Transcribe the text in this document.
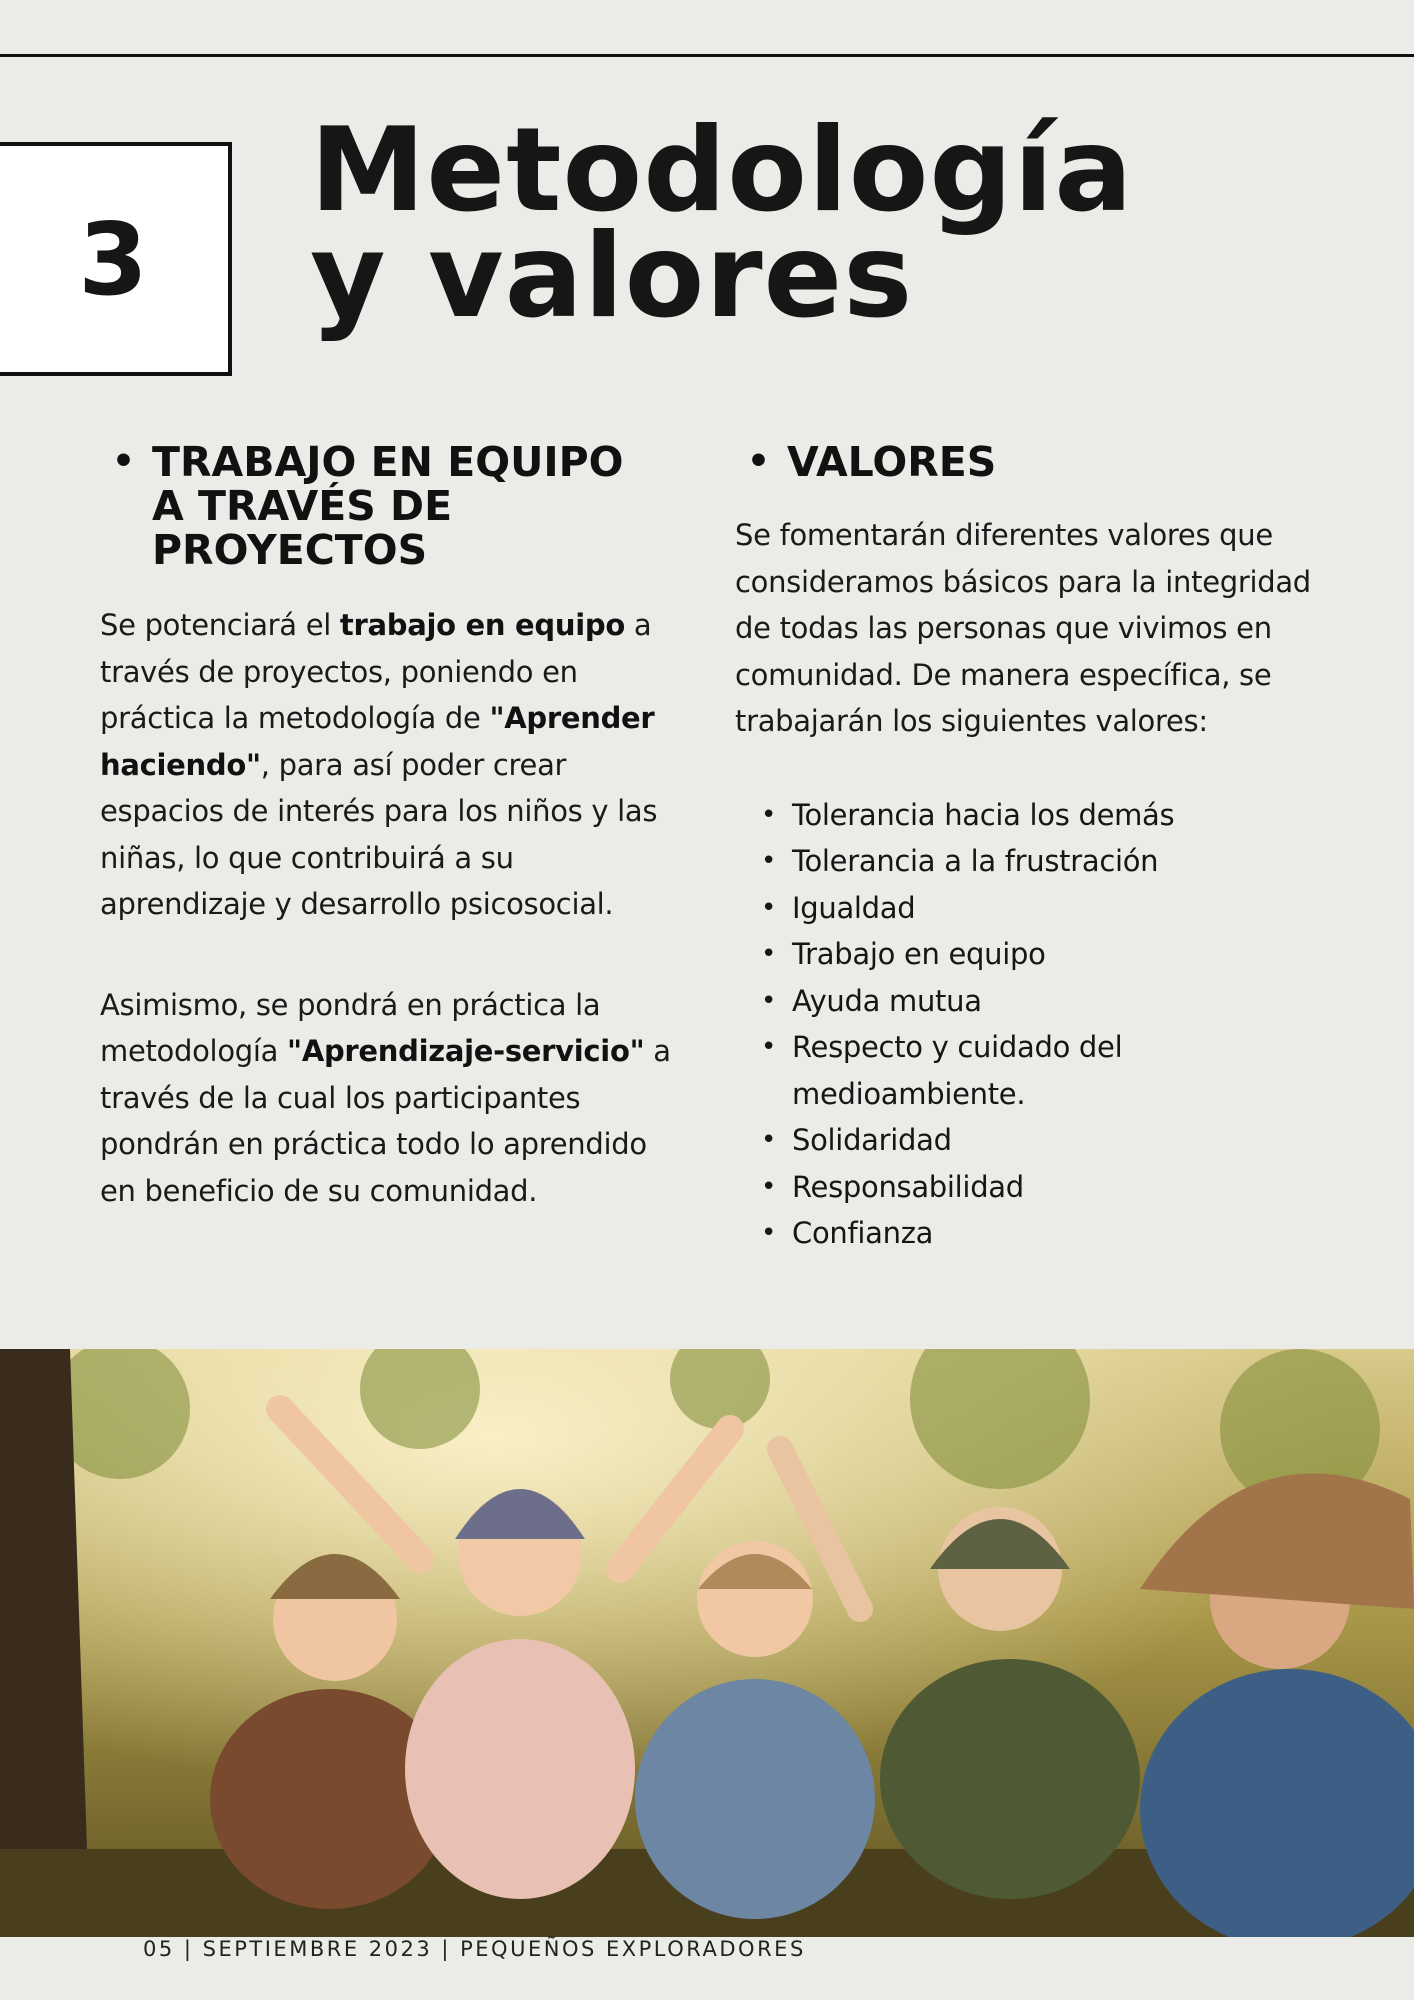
3
Metodología
y valores
• TRABAJO EN EQUIPO
A TRAVÉS DE
PROYECTOS

Se potenciará el trabajo en equipo a través de proyectos, poniendo en práctica la metodología de "Aprender haciendo", para así poder crear espacios de interés para los niños y las niñas, lo que contribuirá a su aprendizaje y desarrollo psicosocial.

Asimismo, se pondrá en práctica la metodología "Aprendizaje-servicio" a través de la cual los participantes pondrán en práctica todo lo aprendido en beneficio de su comunidad.

• VALORES

Se fomentarán diferentes valores que consideramos básicos para la integridad de todas las personas que vivimos en comunidad. De manera específica, se trabajarán los siguientes valores:

• Tolerancia hacia los demás
• Tolerancia a la frustración
• Igualdad
• Trabajo en equipo
• Ayuda mutua
• Respecto y cuidado del medioambiente.
• Solidaridad
• Responsabilidad
• Confianza

05 | SEPTIEMBRE 2023 | PEQUEÑOS EXPLORADORES
